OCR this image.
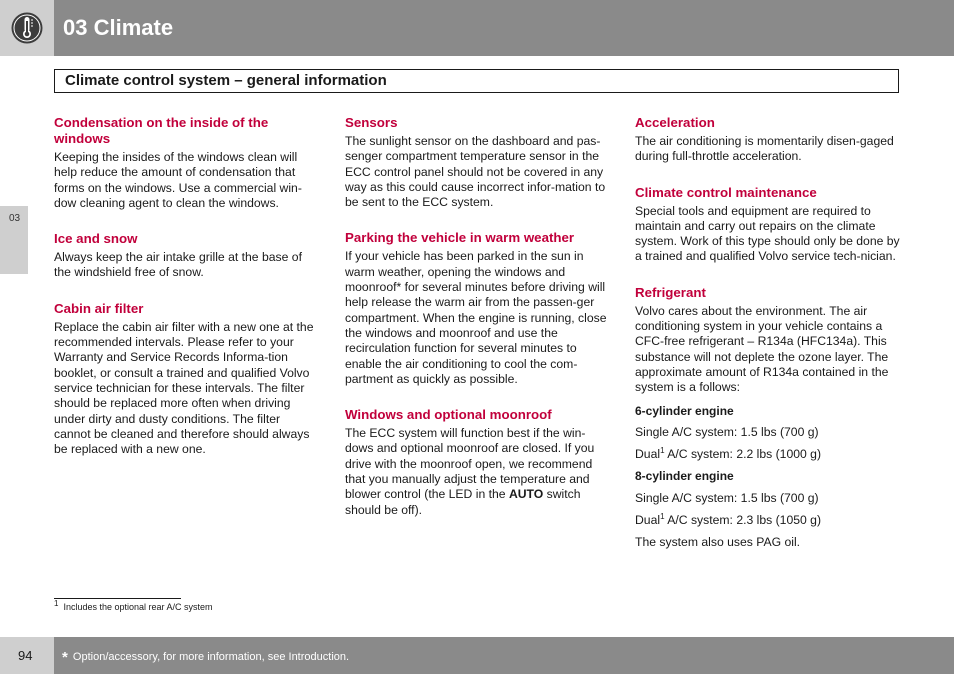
03 Climate
Climate control system – general information
03
Condensation on the inside of the windows
Keeping the insides of the windows clean will help reduce the amount of condensation that forms on the windows. Use a commercial win-dow cleaning agent to clean the windows.
Ice and snow
Always keep the air intake grille at the base of the windshield free of snow.
Cabin air filter
Replace the cabin air filter with a new one at the recommended intervals. Please refer to your Warranty and Service Records Informa-tion booklet, or consult a trained and qualified Volvo service technician for these intervals. The filter should be replaced more often when driving under dirty and dusty conditions. The filter cannot be cleaned and therefore should always be replaced with a new one.
Sensors
The sunlight sensor on the dashboard and pas-senger compartment temperature sensor in the ECC control panel should not be covered in any way as this could cause incorrect infor-mation to be sent to the ECC system.
Parking the vehicle in warm weather
If your vehicle has been parked in the sun in warm weather, opening the windows and moonroof* for several minutes before driving will help release the warm air from the passen-ger compartment. When the engine is running, close the windows and moonroof and use the recirculation function for several minutes to enable the air conditioning to cool the com-partment as quickly as possible.
Windows and optional moonroof
The ECC system will function best if the win-dows and optional moonroof are closed. If you drive with the moonroof open, we recommend that you manually adjust the temperature and blower control (the LED in the AUTO switch should be off).
Acceleration
The air conditioning is momentarily disen-gaged during full-throttle acceleration.
Climate control maintenance
Special tools and equipment are required to maintain and carry out repairs on the climate system. Work of this type should only be done by a trained and qualified Volvo service tech-nician.
Refrigerant
Volvo cares about the environment. The air conditioning system in your vehicle contains a CFC-free refrigerant – R134a (HFC134a). This substance will not deplete the ozone layer. The approximate amount of R134a contained in the system is a follows:
6-cylinder engine
Single A/C system: 1.5 lbs (700 g)
Dual$^1$ A/C system: 2.2 lbs (1000 g)
8-cylinder engine
Single A/C system: 1.5 lbs (700 g)
Dual$^1$ A/C system: 2.3 lbs (1050 g)
The system also uses PAG oil.
$^1$ Includes the optional rear A/C system
94 * Option/accessory, for more information, see Introduction.
